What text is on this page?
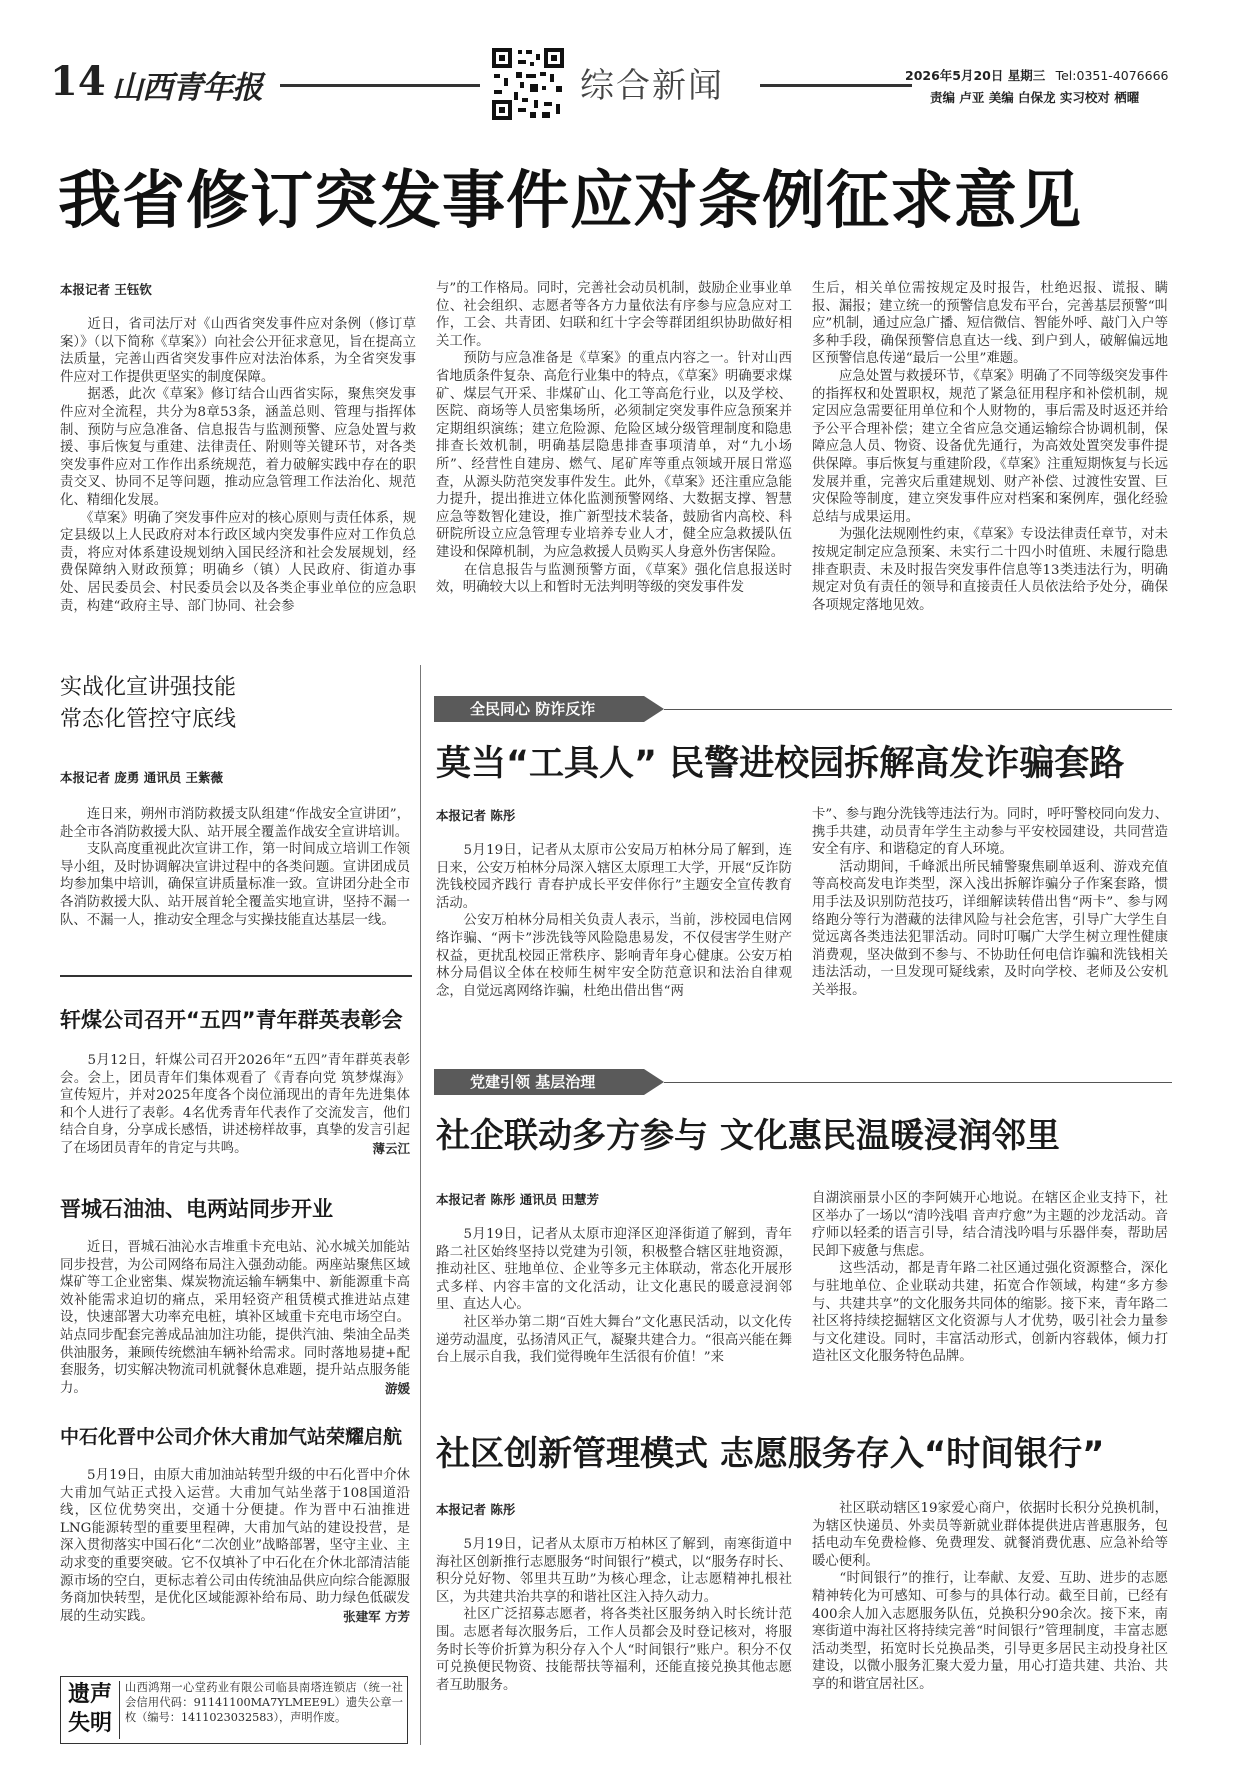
14 山西青年报	综合新闻	2026年5月20日 星期三 Tel:0351-4076666
责编 卢亚 美编 白保龙 实习校对 栖曜
我省修订突发事件应对条例征求意见
本报记者 王钰钦

　　近日，省司法厅对《山西省突发事件应对条例（修订草案）》（以下简称《草案》）向社会公开征求意见，旨在提高立法质量，完善山西省突发事件应对法治体系，为全省突发事件应对工作提供更坚实的制度保障。
　　据悉，此次《草案》修订结合山西省实际，聚焦突发事件应对全流程，共分为8章53条，涵盖总则、管理与指挥体制、预防与应急准备、信息报告与监测预警、应急处置与救援、事后恢复与重建、法律责任、附则等关键环节，对各类突发事件应对工作作出系统规范，着力破解实践中存在的职责交叉、协同不足等问题，推动应急管理工作法治化、规范化、精细化发展。
　　《草案》明确了突发事件应对的核心原则与责任体系，规定县级以上人民政府对本行政区域内突发事件应对工作负总责，将应对体系建设规划纳入国民经济和社会发展规划，经费保障纳入财政预算；明确乡（镇）人民政府、街道办事处、居民委员会、村民委员会以及各类企事业单位的应急职责，构建“政府主导、部门协同、社会参

与”的工作格局。同时，完善社会动员机制，鼓励企业事业单位、社会组织、志愿者等各方力量依法有序参与应急应对工作，工会、共青团、妇联和红十字会等群团组织协助做好相关工作。
　　预防与应急准备是《草案》的重点内容之一。针对山西省地质条件复杂、高危行业集中的特点，《草案》明确要求煤矿、煤层气开采、非煤矿山、化工等高危行业，以及学校、医院、商场等人员密集场所，必须制定突发事件应急预案并定期组织演练；建立危险源、危险区域分级管理制度和隐患排查长效机制，明确基层隐患排查事项清单，对“九小场所”、经营性自建房、燃气、尾矿库等重点领域开展日常巡查，从源头防范突发事件发生。此外，《草案》还注重应急能力提升，提出推进立体化监测预警网络、大数据支撑、智慧应急等数智化建设，推广新型技术装备，鼓励省内高校、科研院所设立应急管理专业培养专业人才，健全应急救援队伍建设和保障机制，为应急救援人员购买人身意外伤害保险。
　　在信息报告与监测预警方面，《草案》强化信息报送时效，明确较大以上和暂时无法判明等级的突发事件发

生后，相关单位需按规定及时报告，杜绝迟报、谎报、瞒报、漏报；建立统一的预警信息发布平台，完善基层预警“叫应”机制，通过应急广播、短信微信、智能外呼、敲门入户等多种手段，确保预警信息直达一线、到户到人，破解偏远地区预警信息传递“最后一公里”难题。
　　应急处置与救援环节，《草案》明确了不同等级突发事件的指挥权和处置职权，规范了紧急征用程序和补偿机制，规定因应急需要征用单位和个人财物的，事后需及时返还并给予公平合理补偿；建立全省应急交通运输综合协调机制，保障应急人员、物资、设备优先通行，为高效处置突发事件提供保障。事后恢复与重建阶段，《草案》注重短期恢复与长远发展并重，完善灾后重建规划、财产补偿、过渡性安置、巨灾保险等制度，建立突发事件应对档案和案例库，强化经验总结与成果运用。
　　为强化法规刚性约束，《草案》专设法律责任章节，对未按规定制定应急预案、未实行二十四小时值班、未履行隐患排查职责、未及时报告突发事件信息等13类违法行为，明确规定对负有责任的领导和直接责任人员依法给予处分，确保各项规定落地见效。

实战化宣讲强技能
常态化管控守底线
本报记者 庞勇 通讯员 王紫薇

　　连日来，朔州市消防救援支队组建“作战安全宣讲团”，赴全市各消防救援大队、站开展全覆盖作战安全宣讲培训。
　　支队高度重视此次宣讲工作，第一时间成立培训工作领导小组，及时协调解决宣讲过程中的各类问题。宣讲团成员均参加集中培训，确保宣讲质量标准一致。宣讲团分赴全市各消防救援大队、站开展首轮全覆盖实地宣讲，坚持不漏一队、不漏一人，推动安全理念与实操技能直达基层一线。

轩煤公司召开“五四”青年群英表彰会

　　5月12日，轩煤公司召开2026年“五四”青年群英表彰会。会上，团员青年们集体观看了《青春向党 筑梦煤海》宣传短片，并对2025年度各个岗位涌现出的青年先进集体和个人进行了表彰。4名优秀青年代表作了交流发言，他们结合自身，分享成长感悟，讲述榜样故事，真挚的发言引起了在场团员青年的肯定与共鸣。	薄云江

晋城石油油、电两站同步开业

　　近日，晋城石油沁水吉堆重卡充电站、沁水城关加能站同步投营，为公司网络布局注入强劲动能。两座站聚焦区域煤矿等工企业密集、煤炭物流运输车辆集中、新能源重卡高效补能需求迫切的痛点，采用轻资产租赁模式推进站点建设，快速部署大功率充电桩，填补区域重卡充电市场空白。站点同步配套完善成品油加注功能，提供汽油、柴油全品类供油服务，兼顾传统燃油车辆补给需求。同时落地易捷+配套服务，切实解决物流司机就餐休息难题，提升站点服务能力。	游媛

中石化晋中公司介休大甫加气站荣耀启航

　　5月19日，由原大甫加油站转型升级的中石化晋中介休大甫加气站正式投入运营。大甫加气站坐落于108国道沿线，区位优势突出，交通十分便捷。作为晋中石油推进LNG能源转型的重要里程碑，大甫加气站的建设投营，是深入贯彻落实中国石化“二次创业”战略部署，坚守主业、主动求变的重要突破。它不仅填补了中石化在介休北部清洁能源市场的空白，更标志着公司由传统油品供应向综合能源服务商加快转型，是优化区域能源补给布局、助力绿色低碳发展的生动实践。	张建军 方芳

遗声
失明

山西鸿翔一心堂药业有限公司临县南塔连锁店（统一社会信用代码：91141100MA7YLMEE9L）遗失公章一枚（编号：1411023032583），声明作废。

全民同心 防诈反诈
莫当“工具人” 民警进校园拆解高发诈骗套路
本报记者 陈彤

　　5月19日，记者从太原市公安局万柏林分局了解到，连日来，公安万柏林分局深入辖区太原理工大学，开展“反诈防洗钱校园齐践行 青春护成长平安伴你行”主题安全宣传教育活动。
　　公安万柏林分局相关负责人表示，当前，涉校园电信网络诈骗、“两卡”涉洗钱等风险隐患易发，不仅侵害学生财产权益，更扰乱校园正常秩序、影响青年身心健康。公安万柏林分局倡议全体在校师生树牢安全防范意识和法治自律观念，自觉远离网络诈骗，杜绝出借出售“两

卡”、参与跑分洗钱等违法行为。同时，呼吁警校同向发力、携手共建，动员青年学生主动参与平安校园建设，共同营造安全有序、和谐稳定的育人环境。
　　活动期间，千峰派出所民辅警聚焦刷单返利、游戏充值等高校高发电诈类型，深入浅出拆解诈骗分子作案套路，惯用手法及识别防范技巧，详细解读转借出售“两卡”、参与网络跑分等行为潜藏的法律风险与社会危害，引导广大学生自觉远离各类违法犯罪活动。同时叮嘱广大学生树立理性健康消费观，坚决做到不参与、不协助任何电信诈骗和洗钱相关违法活动，一旦发现可疑线索，及时向学校、老师及公安机关举报。

党建引领 基层治理
社企联动多方参与 文化惠民温暖浸润邻里
本报记者 陈彤 通讯员 田慧芳

　　5月19日，记者从太原市迎泽区迎泽街道了解到，青年路二社区始终坚持以党建为引领，积极整合辖区驻地资源，推动社区、驻地单位、企业等多元主体联动，常态化开展形式多样、内容丰富的文化活动，让文化惠民的暖意浸润邻里、直达人心。
　　社区举办第二期“百姓大舞台”文化惠民活动，以文化传递劳动温度，弘扬清风正气，凝聚共建合力。“很高兴能在舞台上展示自我，我们觉得晚年生活很有价值！”来

自湖滨丽景小区的李阿姨开心地说。在辖区企业支持下，社区举办了一场以“清吟浅唱 音声疗愈”为主题的沙龙活动。音疗师以轻柔的语言引导，结合清浅吟唱与乐器伴奏，帮助居民卸下疲惫与焦虑。
　　这些活动，都是青年路二社区通过强化资源整合，深化与驻地单位、企业联动共建，拓宽合作领域，构建“多方参与、共建共享”的文化服务共同体的缩影。接下来，青年路二社区将持续挖掘辖区文化资源与人才优势，吸引社会力量参与文化建设。同时，丰富活动形式，创新内容载体，倾力打造社区文化服务特色品牌。

社区创新管理模式 志愿服务存入“时间银行”
本报记者 陈彤

　　5月19日，记者从太原市万柏林区了解到，南寒街道中海社区创新推行志愿服务“时间银行”模式，以“服务存时长、积分兑好物、邻里共互助”为核心理念，让志愿精神扎根社区，为共建共治共享的和谐社区注入持久动力。
　　社区广泛招募志愿者，将各类社区服务纳入时长统计范围。志愿者每次服务后，工作人员都会及时登记核对，将服务时长等价折算为积分存入个人“时间银行”账户。积分不仅可兑换便民物资、技能帮扶等福利，还能直接兑换其他志愿者互助服务。

　　社区联动辖区19家爱心商户，依据时长积分兑换机制，为辖区快递员、外卖员等新就业群体提供进店普惠服务，包括电动车免费检修、免费理发、就餐消费优惠、应急补给等暖心便利。
　　“时间银行”的推行，让奉献、友爱、互助、进步的志愿精神转化为可感知、可参与的具体行动。截至目前，已经有400余人加入志愿服务队伍，兑换积分90余次。接下来，南寒街道中海社区将持续完善“时间银行”管理制度，丰富志愿活动类型，拓宽时长兑换品类，引导更多居民主动投身社区建设，以微小服务汇聚大爱力量，用心打造共建、共治、共享的和谐宜居社区。
